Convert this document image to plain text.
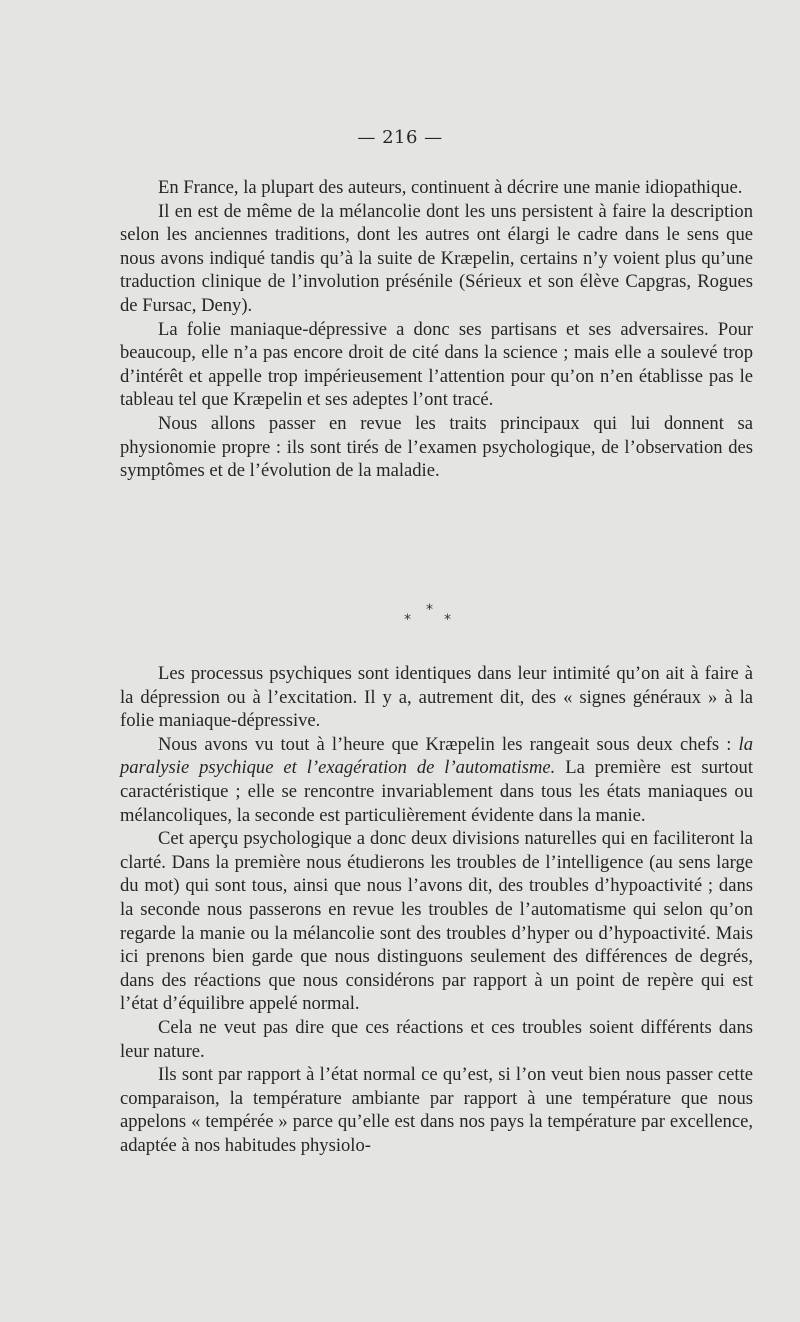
— 216 —

En France, la plupart des auteurs, continuent à décrire une manie idiopathique.

Il en est de même de la mélancolie dont les uns persistent à faire la description selon les anciennes traditions, dont les autres ont élargi le cadre dans le sens que nous avons indiqué tandis qu’à la suite de Kræpelin, certains n’y voient plus qu’une traduction clinique de l’involution présénile (Sérieux et son élève Capgras, Rogues de Fursac, Deny).

La folie maniaque-dépressive a donc ses partisans et ses adversaires. Pour beaucoup, elle n’a pas encore droit de cité dans la science ; mais elle a soulevé trop d’intérêt et appelle trop impérieusement l’attention pour qu’on n’en établisse pas le tableau tel que Kræpelin et ses adeptes l’ont tracé.

Nous allons passer en revue les traits principaux qui lui donnent sa physionomie propre : ils sont tirés de l’examen psychologique, de l’observation des symptômes et de l’évolution de la maladie.

*
* *

Les processus psychiques sont identiques dans leur intimité qu’on ait à faire à la dépression ou à l’excitation. Il y a, autrement dit, des « signes généraux » à la folie maniaque-dépressive.

Nous avons vu tout à l’heure que Kræpelin les rangeait sous deux chefs : la paralysie psychique et l’exagération de l’automatisme. La première est surtout caractéristique ; elle se rencontre invariablement dans tous les états maniaques ou mélancoliques, la seconde est particulièrement évidente dans la manie.

Cet aperçu psychologique a donc deux divisions naturelles qui en faciliteront la clarté. Dans la première nous étudierons les troubles de l’intelligence (au sens large du mot) qui sont tous, ainsi que nous l’avons dit, des troubles d’hypoactivité ; dans la seconde nous passerons en revue les troubles de l’automatisme qui selon qu’on regarde la manie ou la mélancolie sont des troubles d’hyper ou d’hypoactivité. Mais ici prenons bien garde que nous distinguons seulement des différences de degrés, dans des réactions que nous considérons par rapport à un point de repère qui est l’état d’équilibre appelé normal.

Cela ne veut pas dire que ces réactions et ces troubles soient différents dans leur nature.

Ils sont par rapport à l’état normal ce qu’est, si l’on veut bien nous passer cette comparaison, la température ambiante par rapport à une température que nous appelons « tempérée » parce qu’elle est dans nos pays la température par excellence, adaptée à nos habitudes physiolo-
